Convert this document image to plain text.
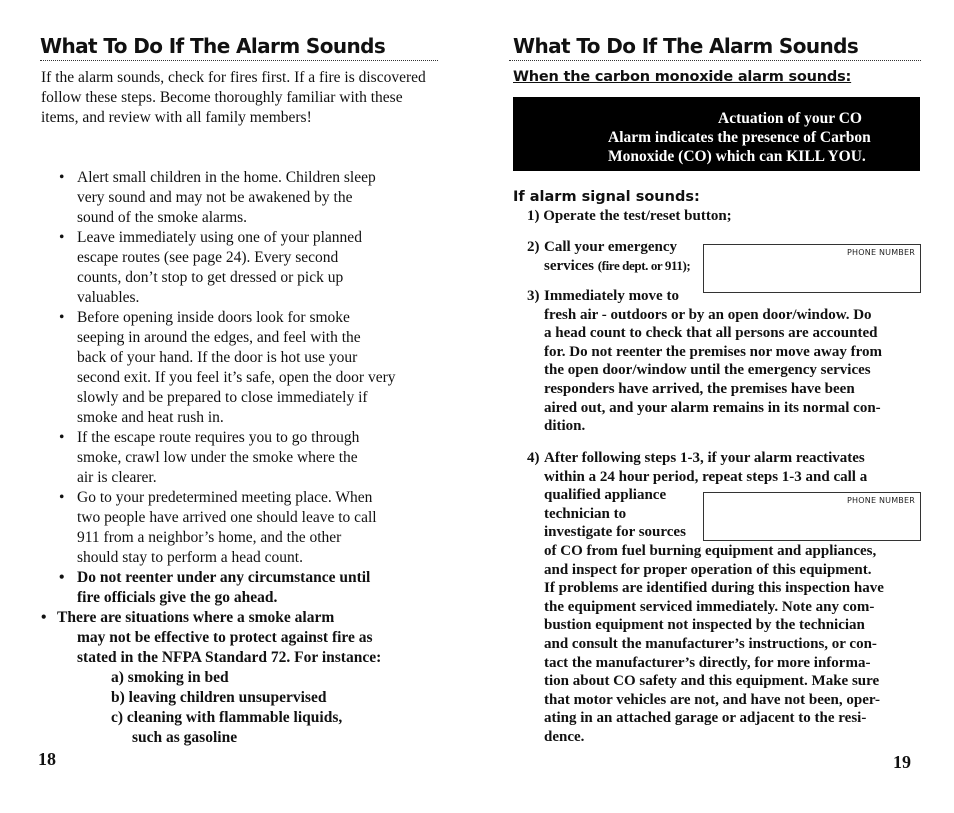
What To Do If The Alarm Sounds

If the alarm sounds, check for fires first. If a fire is discovered follow these steps. Become thoroughly familiar with these items, and review with all family members!

• Alert small children in the home. Children sleep
very sound and may not be awakened by the
sound of the smoke alarms.
• Leave immediately using one of your planned
escape routes (see page 24). Every second
counts, don’t stop to get dressed or pick up
valuables.
• Before opening inside doors look for smoke
seeping in around the edges, and feel with the
back of your hand. If the door is hot use your
second exit. If you feel it’s safe, open the door very
slowly and be prepared to close immediately if
smoke and heat rush in.
• If the escape route requires you to go through
smoke, crawl low under the smoke where the
air is clearer.
• Go to your predetermined meeting place. When
two people have arrived one should leave to call
911 from a neighbor’s home, and the other
should stay to perform a head count.
• Do not reenter under any circumstance until
fire officials give the go ahead.
• There are situations where a smoke alarm
may not be effective to protect against fire as
stated in the NFPA Standard 72. For instance:

a) smoking in bed
b) leaving children unsupervised
c) cleaning with flammable liquids,
such as gasoline
18
What To Do If The Alarm Sounds
When the carbon monoxide alarm sounds:
Actuation of your CO
Alarm indicates the presence of Carbon
Monoxide (CO) which can KILL YOU.
If alarm signal sounds:
1) Operate the test/reset button;
2) Call your emergency
services (fire dept. or 911);
PHONE NUMBER
3) Immediately move to
fresh air - outdoors or by an open door/window. Do
a head count to check that all persons are accounted
for. Do not reenter the premises nor move away from
the open door/window until the emergency services
responders have arrived, the premises have been
aired out, and your alarm remains in its normal con-
dition.
4) After following steps 1-3, if your alarm reactivates
within a 24 hour period, repeat steps 1-3 and call a
qualified appliance
technician to
investigate for sources
of CO from fuel burning equipment and appliances,
and inspect for proper operation of this equipment.
If problems are identified during this inspection have
the equipment serviced immediately. Note any com-
bustion equipment not inspected by the technician
and consult the manufacturer’s instructions, or con-
tact the manufacturer’s directly, for more informa-
tion about CO safety and this equipment. Make sure
that motor vehicles are not, and have not been, oper-
ating in an attached garage or adjacent to the resi-
dence.
PHONE NUMBER
19
